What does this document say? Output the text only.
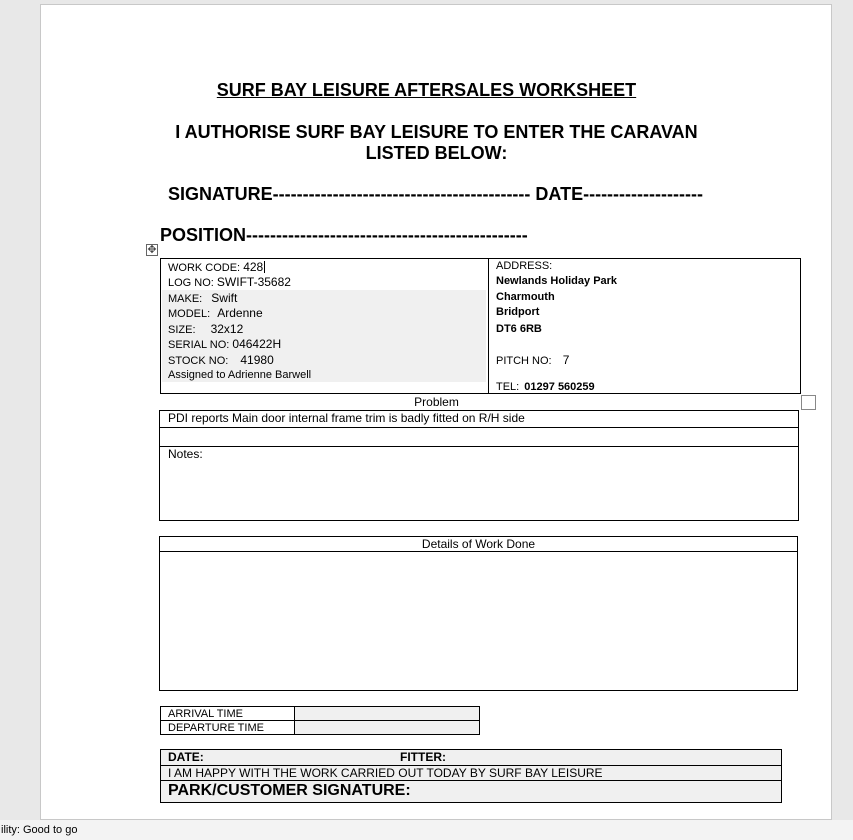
SURF BAY LEISURE AFTERSALES WORKSHEET
I AUTHORISE SURF BAY LEISURE TO ENTER THE CARAVAN
LISTED BELOW:
SIGNATURE------------------------------------------- DATE--------------------
POSITION-----------------------------------------------
✥
WORK CODE: 428
LOG NO: SWIFT-35682
MAKE: Swift
MODEL: Ardenne
SIZE: 32x12
SERIAL NO: 046422H
STOCK NO: 41980
Assigned to Adrienne Barwell
ADDRESS:
Newlands Holiday Park
Charmouth
Bridport
DT6 6RB
PITCH NO: 7
TEL: 01297 560259
Problem
PDI reports Main door internal frame trim is badly fitted on R/H side
Notes:
Details of Work Done
ARRIVAL TIME
DEPARTURE TIME
DATE:	FITTER:
I AM HAPPY WITH THE WORK CARRIED OUT TODAY BY SURF BAY LEISURE
PARK/CUSTOMER SIGNATURE:
ility: Good to go
